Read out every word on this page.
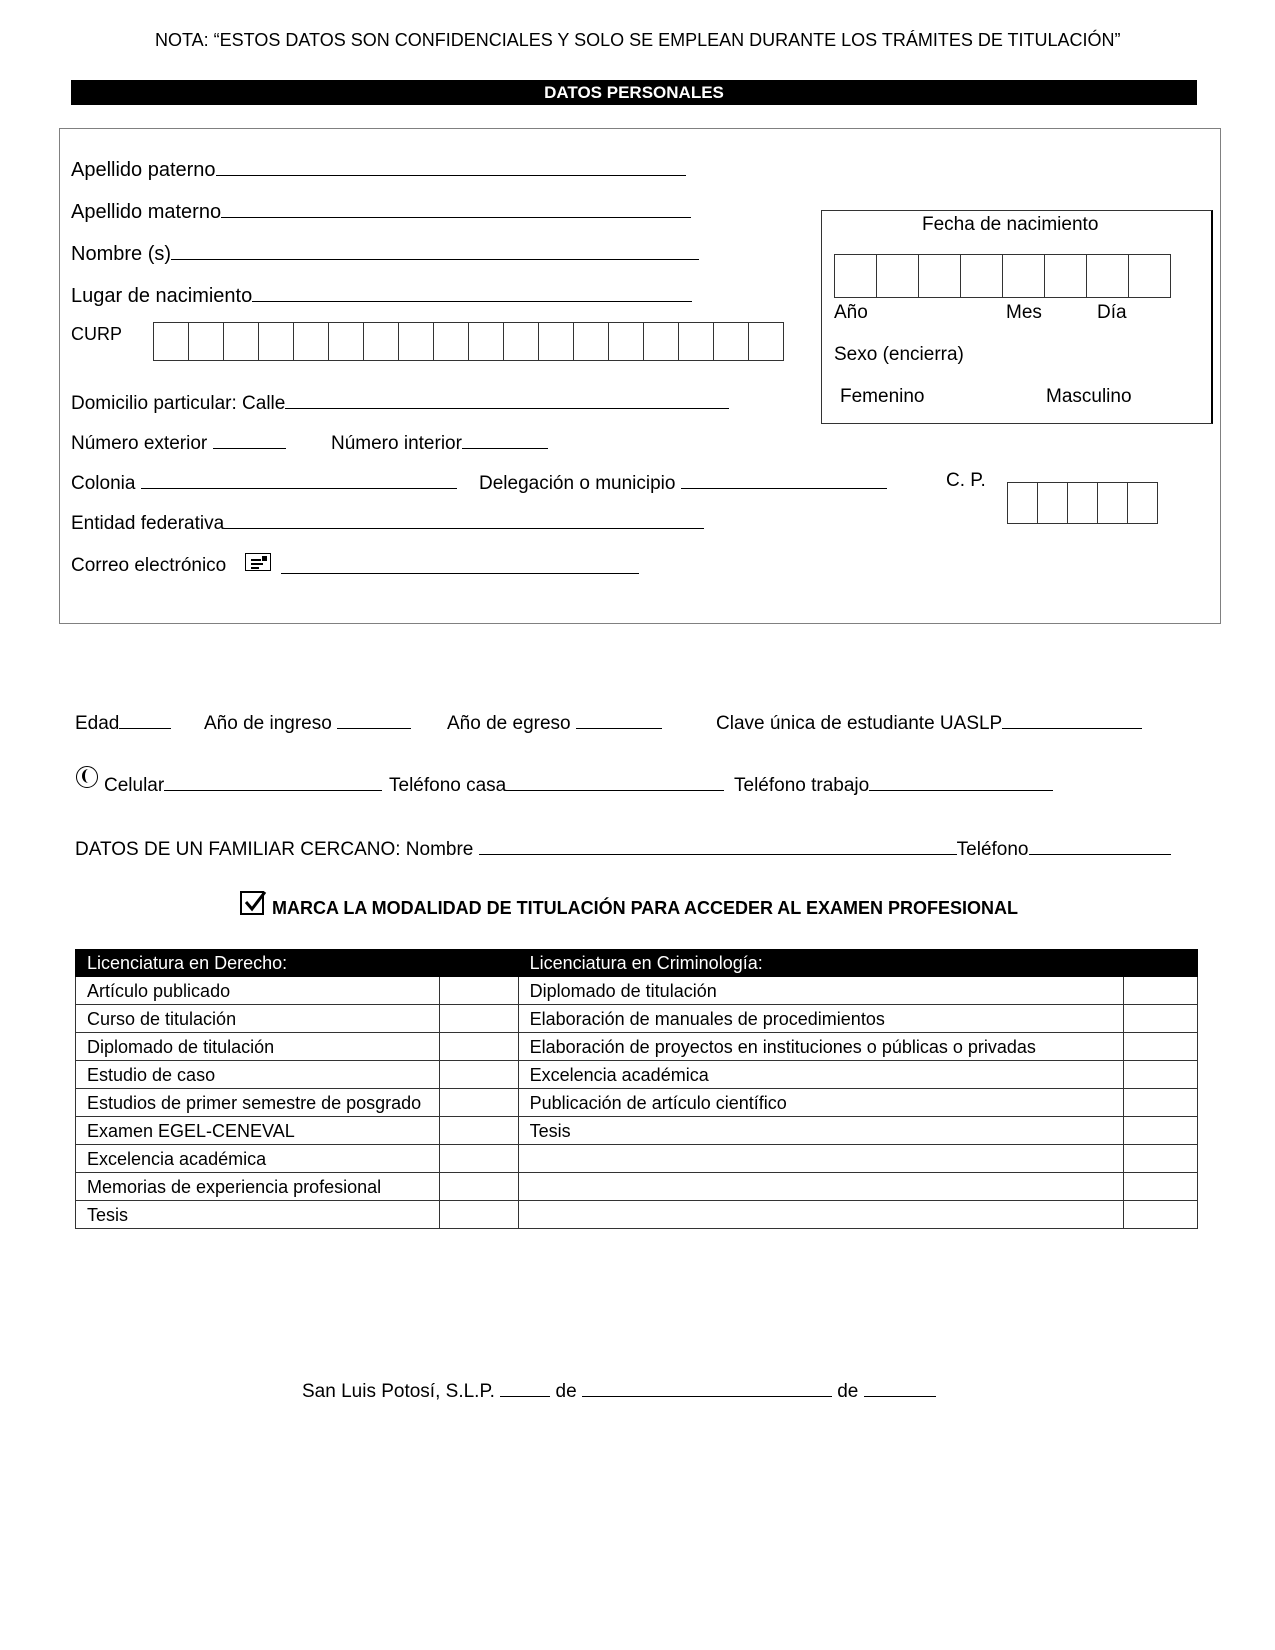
NOTA: “ESTOS DATOS SON CONFIDENCIALES Y SOLO SE EMPLEAN DURANTE LOS TRÁMITES DE TITULACIÓN”
DATOS PERSONALES
Apellido paterno
Apellido materno
Nombre (s)
Lugar de nacimiento
CURP
Domicilio particular: Calle
Número exterior	Número interior
Colonia	Delegación o municipio	C. P.
Entidad federativa
Correo electrónico
Fecha de nacimiento
Año	Mes	Día
Sexo (encierra)
Femenino	Masculino
Edad	Año de ingreso	Año de egreso	Clave única de estudiante UASLP
Celular	Teléfono casa	Teléfono trabajo
DATOS DE UN FAMILIAR CERCANO: Nombre	Teléfono
MARCA LA MODALIDAD DE TITULACIÓN PARA ACCEDER AL EXAMEN PROFESIONAL
Licenciatura en Derecho:		Licenciatura en Criminología:	
Artículo publicado		Diplomado de titulación	
Curso de titulación		Elaboración de manuales de procedimientos	
Diplomado de titulación		Elaboración de proyectos en instituciones o públicas o privadas	
Estudio de caso		Excelencia académica	
Estudios de primer semestre de posgrado		Publicación de artículo científico	
Examen EGEL-CENEVAL		Tesis	
Excelencia académica			
Memorias de experiencia profesional			
Tesis			
San Luis Potosí, S.L.P.	de	de
